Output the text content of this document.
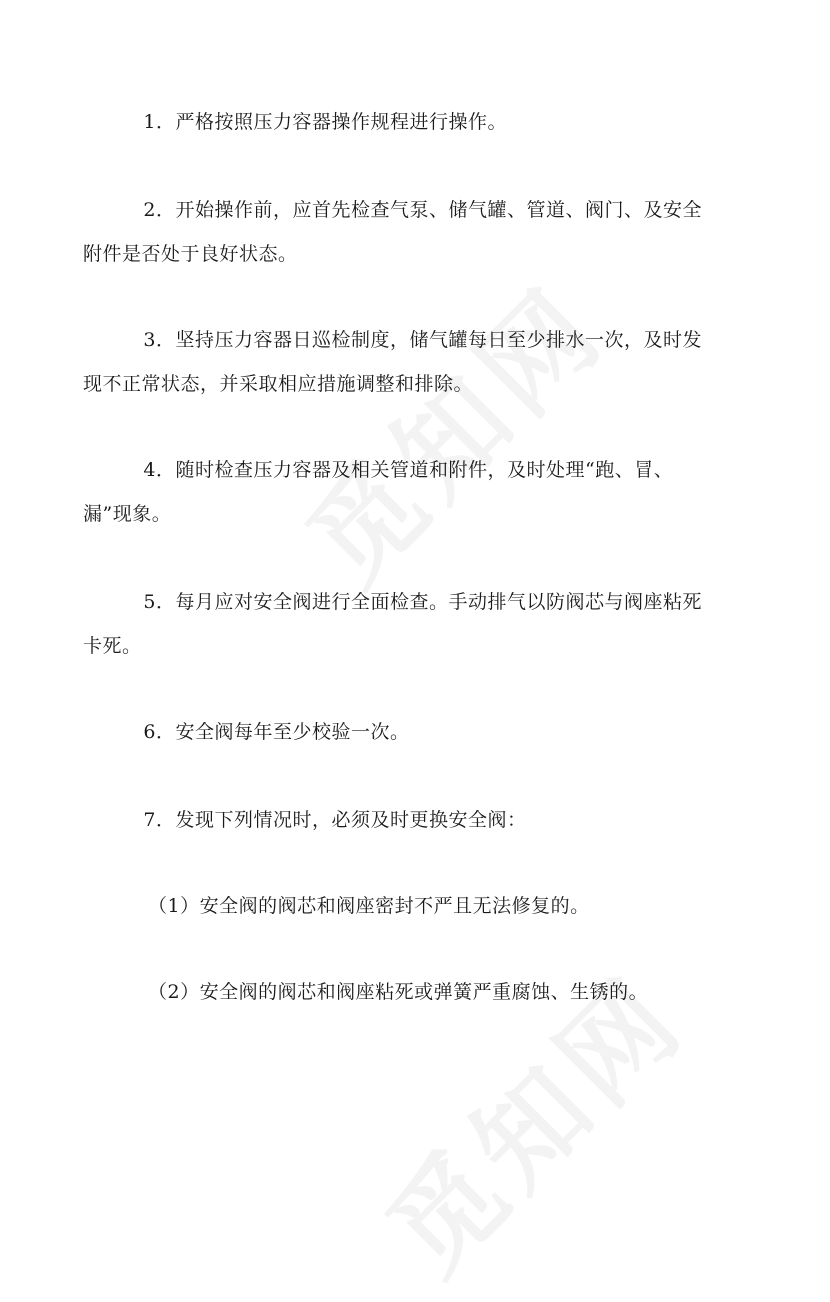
1．严格按照压力容器操作规程进行操作。

2．开始操作前，应首先检查气泵、储气罐、管道、阀门、及安全
附件是否处于良好状态。

3．坚持压力容器日巡检制度，储气罐每日至少排水一次，及时发
现不正常状态，并采取相应措施调整和排除。

4．随时检查压力容器及相关管道和附件，及时处理“跑、冒、
漏”现象。

5．每月应对安全阀进行全面检查。手动排气以防阀芯与阀座粘死
卡死。

6．安全阀每年至少校验一次。

7．发现下列情况时，必须及时更换安全阀：

（1）安全阀的阀芯和阀座密封不严且无法修复的。

（2）安全阀的阀芯和阀座粘死或弹簧严重腐蚀、生锈的。
